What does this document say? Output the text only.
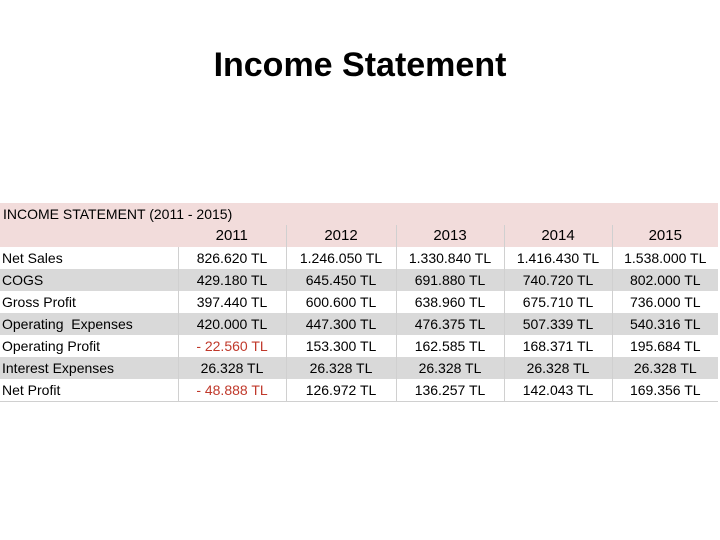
Income Statement
INCOME STATEMENT (2011 - 2015)					
	2011	2012	2013	2014	2015
Net Sales	826.620 TL	1.246.050 TL	1.330.840 TL	1.416.430 TL	1.538.000 TL
COGS	429.180 TL	645.450 TL	691.880 TL	740.720 TL	802.000 TL
Gross Profit	397.440 TL	600.600 TL	638.960 TL	675.710 TL	736.000 TL
Operating  Expenses	420.000 TL	447.300 TL	476.375 TL	507.339 TL	540.316 TL
Operating Profit	- 22.560 TL	153.300 TL	162.585 TL	168.371 TL	195.684 TL
Interest Expenses	26.328 TL	26.328 TL	26.328 TL	26.328 TL	26.328 TL
Net Profit	- 48.888 TL	126.972 TL	136.257 TL	142.043 TL	169.356 TL
